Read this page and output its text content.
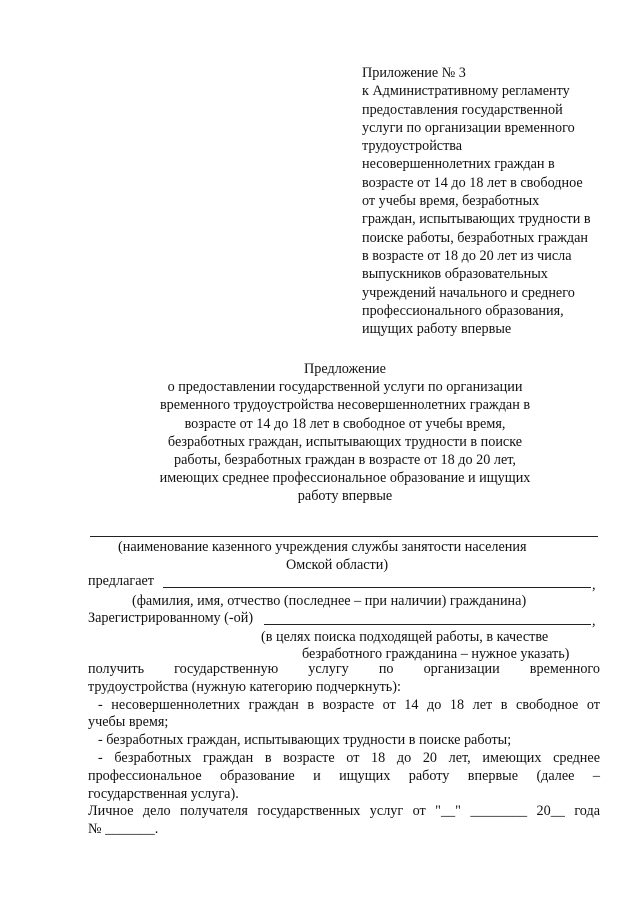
Приложение № 3
к Административному регламенту
предоставления государственной
услуги по организации временного
трудоустройства
несовершеннолетних граждан в
возрасте от 14 до 18 лет в свободное
от учебы время, безработных
граждан, испытывающих трудности в
поиске работы, безработных граждан
в возрасте от 18 до 20 лет из числа
выпускников образовательных
учреждений начального и среднего
профессионального образования,
ищущих работу впервые
Предложение
о предоставлении государственной услуги по организации
временного трудоустройства несовершеннолетних граждан в
возрасте от 14 до 18 лет в свободное от учебы время,
безработных граждан, испытывающих трудности в поиске
работы, безработных граждан в возрасте от 18 до 20 лет,
имеющих среднее профессиональное образование и ищущих
работу впервые
(наименование казенного учреждения службы занятости населения
Омской области)
предлагает	,
(фамилия, имя, отчество (последнее – при наличии) гражданина)
Зарегистрированному (-ой)	,
(в целях поиска подходящей работы, в качестве
безработного гражданина – нужное указать)
получить государственную услугу по организации временного
трудоустройства (нужную категорию подчеркнуть):
- несовершеннолетних граждан в возрасте от 14 до 18 лет в свободное от
учебы время;
- безработных граждан, испытывающих трудности в поиске работы;
- безработных граждан в возрасте от 18 до 20 лет, имеющих среднее
профессиональное образование и ищущих работу впервые (далее –
государственная услуга).
Личное дело получателя государственных услуг от "__" ________ 20__ года
№ _______.
